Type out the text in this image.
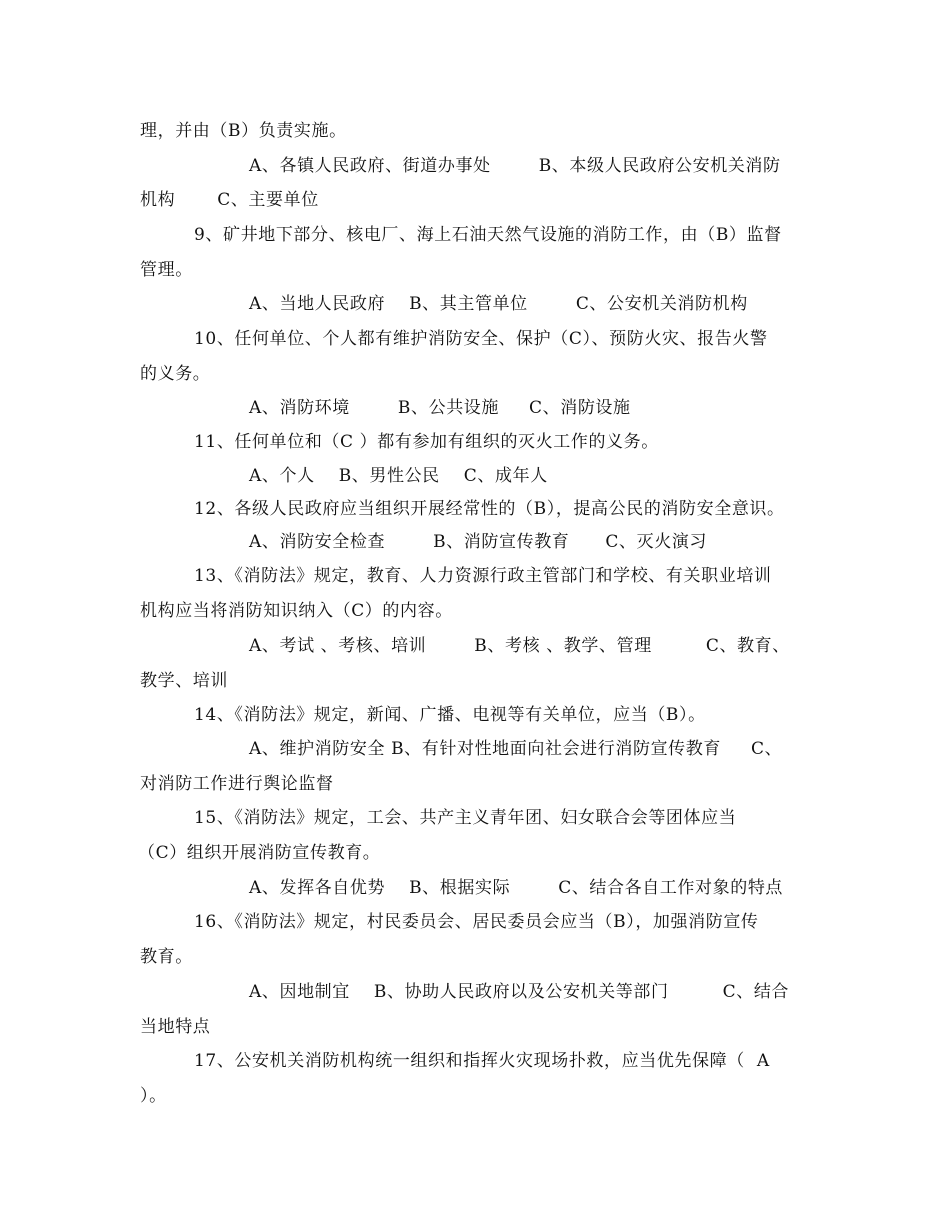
理，并由（B）负责实施。
A、各镇人民政府、街道办事处        B、本级人民政府公安机关消防
机构       C、主要单位
9、矿井地下部分、核电厂、海上石油天然气设施的消防工作，由（B）监督
管理。
A、当地人民政府    B、其主管单位        C、公安机关消防机构
10、任何单位、个人都有维护消防安全、保护（C）、预防火灾、报告火警
的义务。
A、消防环境        B、公共设施     C、消防设施
11、任何单位和（C ）都有参加有组织的灭火工作的义务。
A、个人    B、男性公民    C、成年人
12、各级人民政府应当组织开展经常性的（B），提高公民的消防安全意识。
A、消防安全检查        B、消防宣传教育      C、灭火演习
13、《消防法》规定，教育、人力资源行政主管部门和学校、有关职业培训
机构应当将消防知识纳入（C）的内容。
A、考试 、考核、培训        B、考核 、教学、管理         C、教育、
教学、培训
14、《消防法》规定，新闻、广播、电视等有关单位，应当（B）。
A、维护消防安全 B、有针对性地面向社会进行消防宣传教育     C、
对消防工作进行舆论监督
15、《消防法》规定，工会、共产主义青年团、妇女联合会等团体应当
（C）组织开展消防宣传教育。
A、发挥各自优势    B、根据实际        C、结合各自工作对象的特点
16、《消防法》规定，村民委员会、居民委员会应当（B），加强消防宣传
教育。
A、因地制宜    B、协助人民政府以及公安机关等部门         C、结合
当地特点
17、公安机关消防机构统一组织和指挥火灾现场扑救，应当优先保障（  A
）。
